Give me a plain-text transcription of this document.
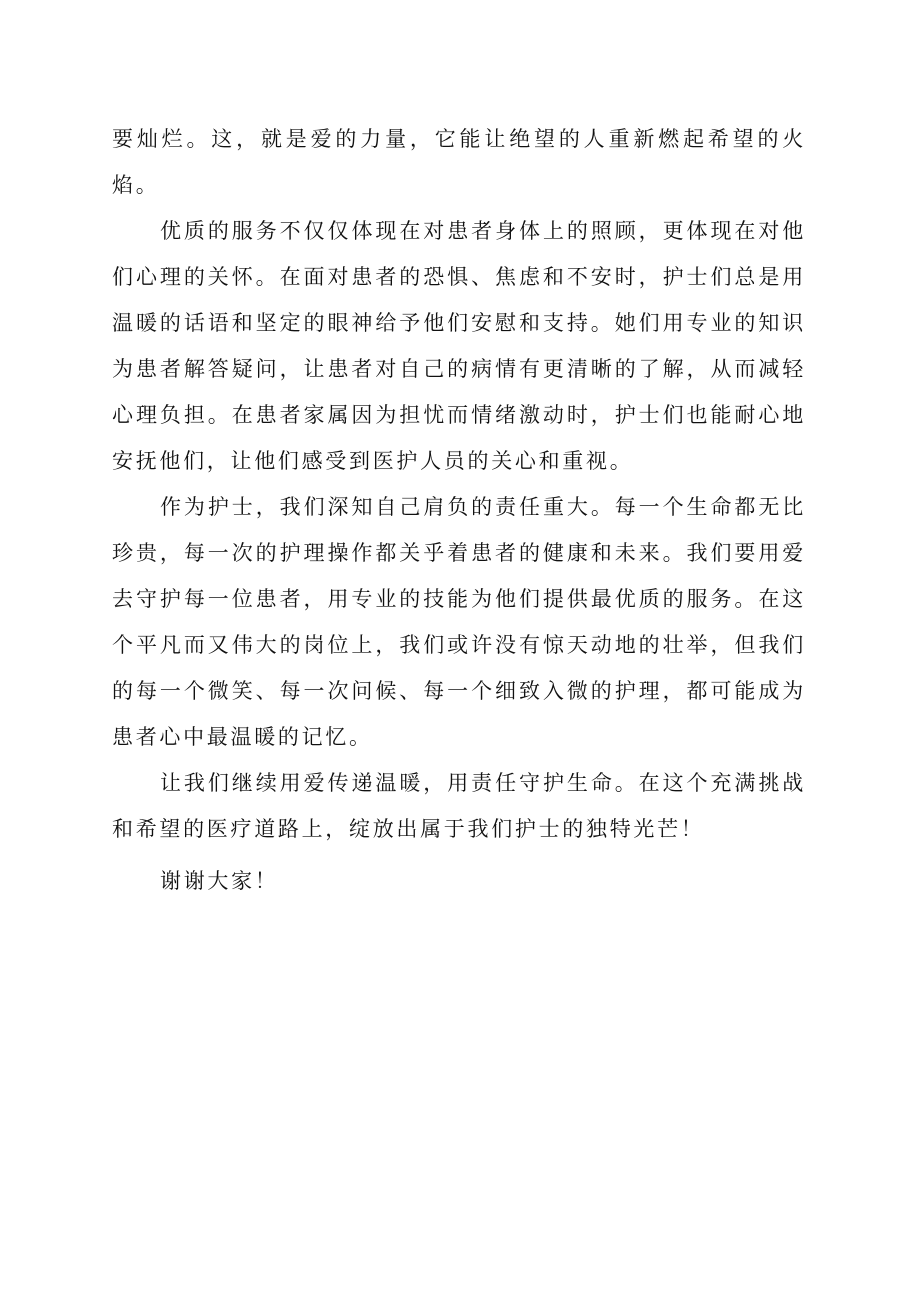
要灿烂。这，就是爱的力量，它能让绝望的人重新燃起希望的火焰。

优质的服务不仅仅体现在对患者身体上的照顾，更体现在对他们心理的关怀。在面对患者的恐惧、焦虑和不安时，护士们总是用温暖的话语和坚定的眼神给予他们安慰和支持。她们用专业的知识为患者解答疑问，让患者对自己的病情有更清晰的了解，从而减轻心理负担。在患者家属因为担忧而情绪激动时，护士们也能耐心地安抚他们，让他们感受到医护人员的关心和重视。

作为护士，我们深知自己肩负的责任重大。每一个生命都无比珍贵，每一次的护理操作都关乎着患者的健康和未来。我们要用爱去守护每一位患者，用专业的技能为他们提供最优质的服务。在这个平凡而又伟大的岗位上，我们或许没有惊天动地的壮举，但我们的每一个微笑、每一次问候、每一个细致入微的护理，都可能成为患者心中最温暖的记忆。

让我们继续用爱传递温暖，用责任守护生命。在这个充满挑战和希望的医疗道路上，绽放出属于我们护士的独特光芒！

谢谢大家！
